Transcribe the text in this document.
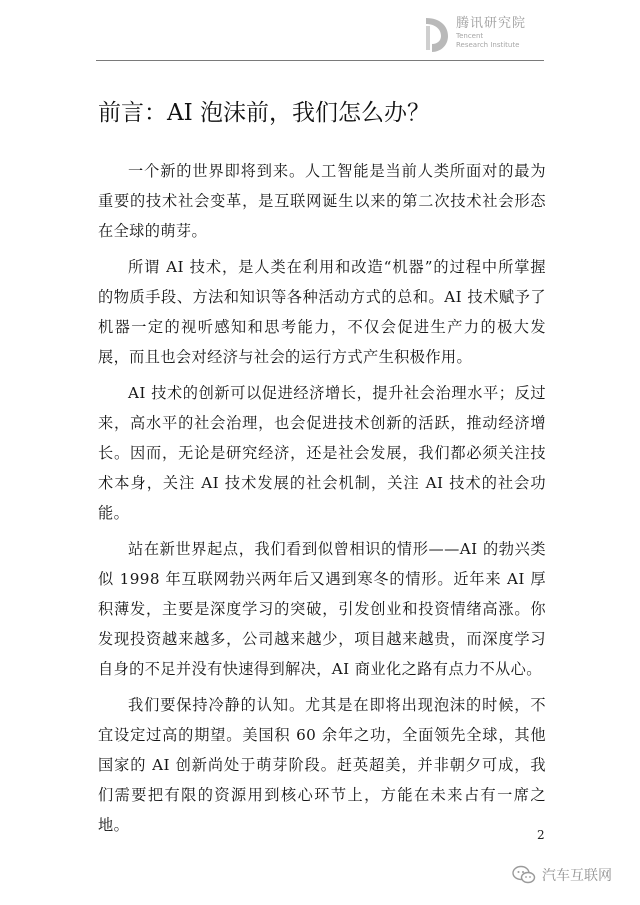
腾讯研究院
Tencent
Research Institute
前言：AI 泡沫前，我们怎么办？

一个新的世界即将到来。人工智能是当前人类所面对的最为重要的技术社会变革，是互联网诞生以来的第二次技术社会形态在全球的萌芽。

所谓 AI 技术，是人类在利用和改造“机器”的过程中所掌握的物质手段、方法和知识等各种活动方式的总和。AI 技术赋予了机器一定的视听感知和思考能力，不仅会促进生产力的极大发展，而且也会对经济与社会的运行方式产生积极作用。

AI 技术的创新可以促进经济增长，提升社会治理水平；反过来，高水平的社会治理，也会促进技术创新的活跃，推动经济增长。因而，无论是研究经济，还是社会发展，我们都必须关注技术本身，关注 AI 技术发展的社会机制，关注 AI 技术的社会功能。

站在新世界起点，我们看到似曾相识的情形——AI 的勃兴类似 1998 年互联网勃兴两年后又遇到寒冬的情形。近年来 AI 厚积薄发，主要是深度学习的突破，引发创业和投资情绪高涨。你发现投资越来越多，公司越来越少，项目越来越贵，而深度学习自身的不足并没有快速得到解决，AI 商业化之路有点力不从心。

我们要保持冷静的认知。尤其是在即将出现泡沫的时候，不宜设定过高的期望。美国积 60 余年之功，全面领先全球，其他国家的 AI 创新尚处于萌芽阶段。赶英超美，并非朝夕可成，我们需要把有限的资源用到核心环节上，方能在未来占有一席之地。

2
汽车互联网
